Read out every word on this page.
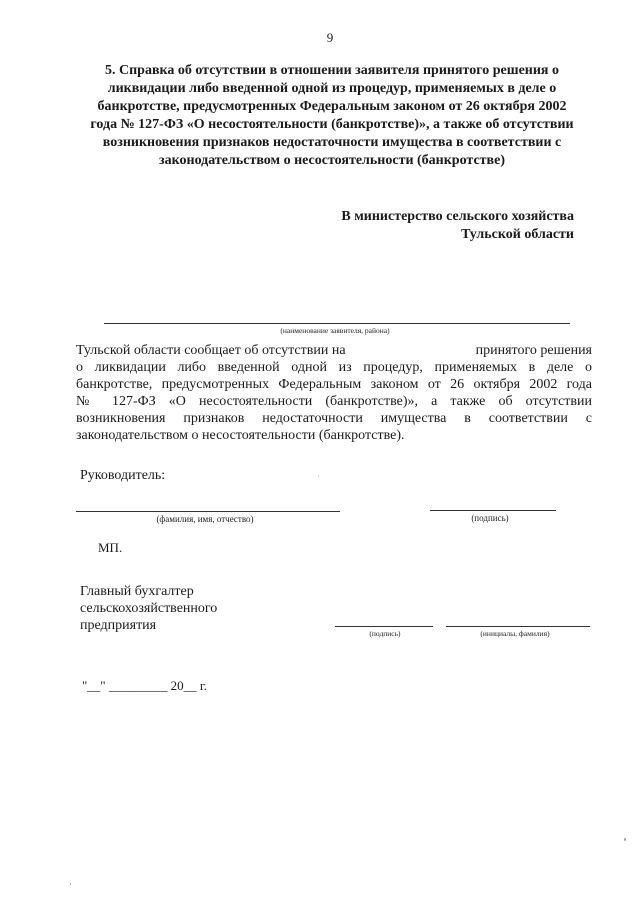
9
5. Справка об отсутствии в отношении заявителя принятого решения о
ликвидации либо введенной одной из процедур, применяемых в деле о
банкротстве, предусмотренных Федеральным законом от 26 октября 2002
года № 127-ФЗ «О несостоятельности (банкротстве)», а также об отсутствии
возникновения признаков недостаточности имущества в соответствии с
законодательством о несостоятельности (банкротстве)
В министерство сельского хозяйства
Тульской области
(наименование заявителя, района)
Тульской области сообщает об отсутствии на	принятого решения
о ликвидации либо введенной одной из процедур, применяемых в деле о
банкротстве, предусмотренных Федеральным законом от 26 октября 2002 года
№ 127-ФЗ «О несостоятельности (банкротстве)», а также об отсутствии
возникновения признаков недостаточности имущества в соответствии с
законодательством о несостоятельности (банкротстве).
Руководитель:
(фамилия, имя, отчество)	(подпись)
МП.
Главный бухгалтер
сельскохозяйственного
предприятия
(подпись)	(инициалы, фамилия)
"__" _________ 20__ г.
